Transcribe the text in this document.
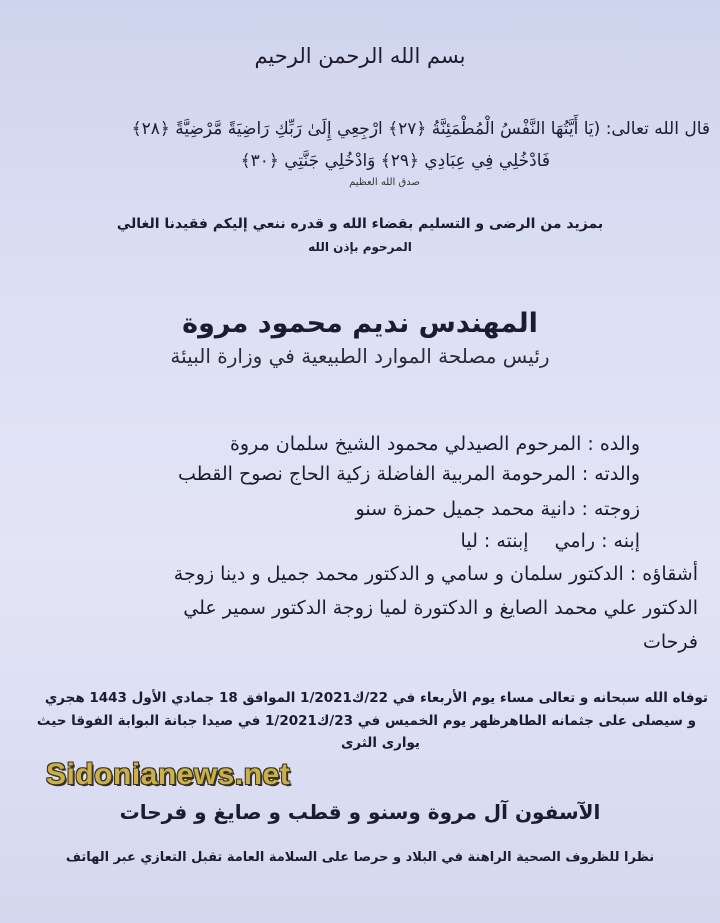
بسم الله الرحمن الرحيم
قال الله تعالى: (يَا أَيَّتُهَا النَّفْسُ الْمُطْمَئِنَّةُ ﴿٢٧﴾ ارْجِعِي إِلَىٰ رَبِّكِ رَاضِيَةً مَّرْضِيَّةً ﴿٢٨﴾
فَادْخُلِي فِي عِبَادِي ﴿٢٩﴾ وَادْخُلِي جَنَّتِي ﴿٣٠﴾
صدق الله العظيم
بمزيد من الرضى و التسليم بقضاء الله و قدره ننعي إليكم فقيدنا الغالي
المرحوم بإذن الله
المهندس نديم محمود مروة
رئيس مصلحة الموارد الطبيعية في وزارة البيئة
والده : المرحوم الصيدلي محمود الشيخ سلمان مروة
والدته : المرحومة المربية الفاضلة زكية الحاج نصوح القطب
زوجته : دانية محمد جميل حمزة سنو
إبنه : راميإبنته : ليا
أشقاؤه : الدكتور سلمان و سامي و الدكتور محمد جميل و دينا زوجة
الدكتور علي محمد الصايغ و الدكتورة لميا زوجة الدكتور سمير علي
فرحات
توفاه الله سبحانه و تعالى مساء يوم الأربعاء في 22/ك1/2021 الموافق 18 جمادي الأول 1443 هجري
و سيصلى على جثمانه الطاهرظهر يوم الخميس في 23/ك1/2021 في صيدا جبانة البوابة الفوقا حيث
يوارى الثرى
الآسفون آل مروة وسنو و قطب و صايغ و فرحات
نظرا للظروف الصحية الراهنة في البلاد و حرصا على السلامة العامة تقبل التعازي عبر الهاتف
Sidonianews.net
